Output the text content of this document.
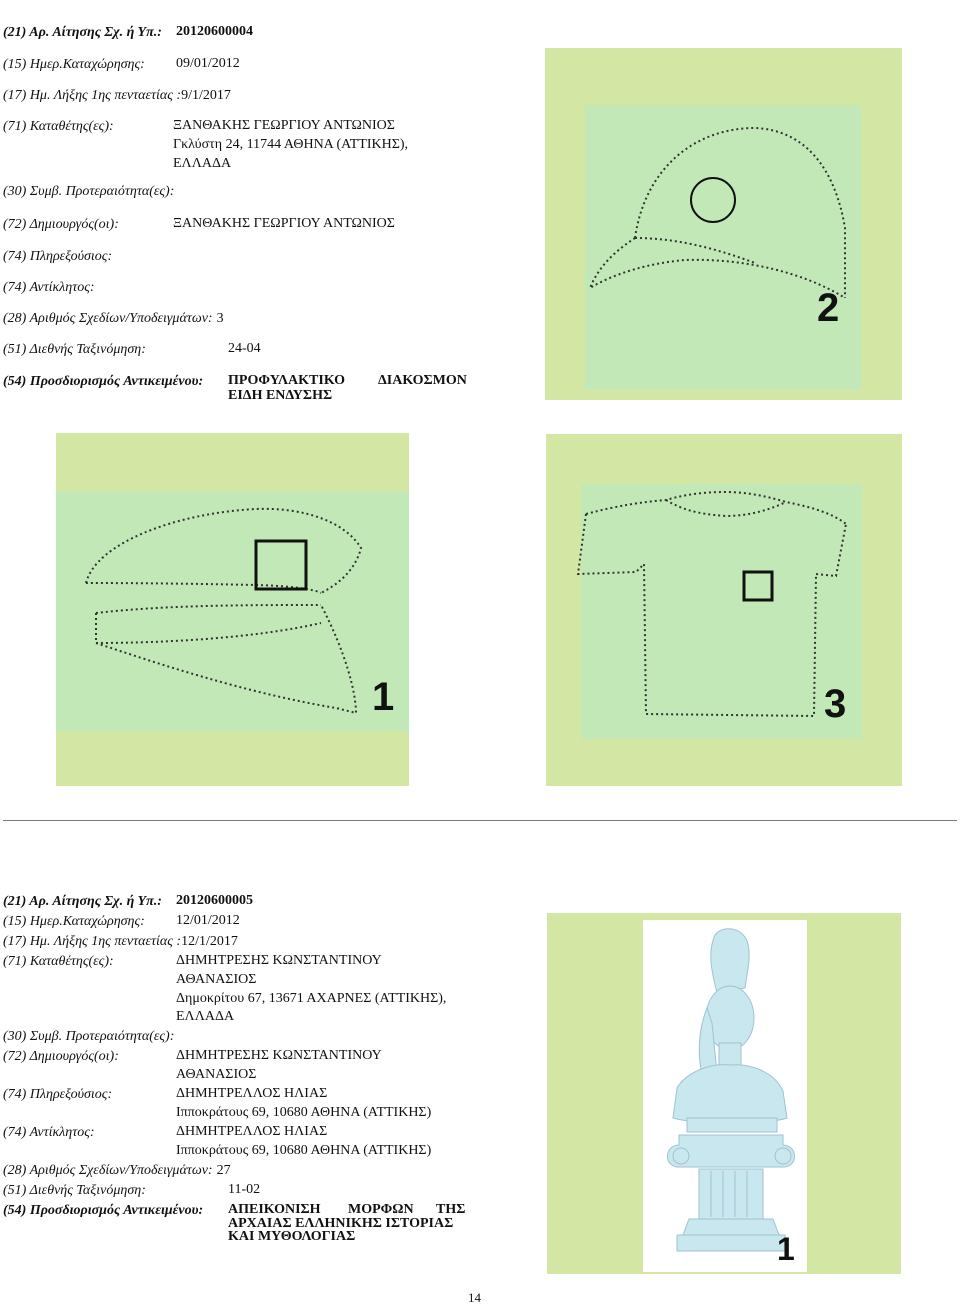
(21) Αρ. Αίτησης Σχ. ή Υπ.: 20120600004
(15) Ημερ.Καταχώρησης: 09/01/2012
(17) Ημ. Λήξης 1ης πενταετίας :9/1/2017
(71) Καταθέτης(ες):	ΞΑΝΘΑΚΗΣ ΓΕΩΡΓΙΟΥ ΑΝΤΩΝΙΟΣ
Γκλύστη 24, 11744 ΑΘΗΝΑ (ΑΤΤΙΚΗΣ),
ΕΛΛΑΔΑ
(30) Συμβ. Προτεραιότητα(ες):
(72) Δημιουργός(οι):	ΞΑΝΘΑΚΗΣ ΓΕΩΡΓΙΟΥ ΑΝΤΩΝΙΟΣ
(74) Πληρεξούσιος:
(74) Αντίκλητος:
(28) Αριθμός Σχεδίων/Υποδειγμάτων: 3
(51) Διεθνής Ταξινόμηση:	24-04
(54) Προσδιορισμός Αντικειμένου: ΠΡΟΦΥΛΑΚΤΙΚΟ ΔΙΑΚΟΣΜΟΝ
ΕΙΔΗ ΕΝΔΥΣΗΣ
2
1	3
(21) Αρ. Αίτησης Σχ. ή Υπ.: 20120600005
(15) Ημερ.Καταχώρησης: 12/01/2012
(17) Ημ. Λήξης 1ης πενταετίας :12/1/2017
(71) Καταθέτης(ες):	ΔΗΜΗΤΡΕΣΗΣ ΚΩΝΣΤΑΝΤΙΝΟΥ
ΑΘΑΝΑΣΙΟΣ
Δημοκρίτου 67, 13671 ΑΧΑΡΝΕΣ (ΑΤΤΙΚΗΣ),
ΕΛΛΑΔΑ
(30) Συμβ. Προτεραιότητα(ες):
(72) Δημιουργός(οι):	ΔΗΜΗΤΡΕΣΗΣ ΚΩΝΣΤΑΝΤΙΝΟΥ
ΑΘΑΝΑΣΙΟΣ
(74) Πληρεξούσιος:	ΔΗΜΗΤΡΕΛΛΟΣ ΗΛΙΑΣ
Ιπποκράτους 69, 10680 ΑΘΗΝΑ (ΑΤΤΙΚΗΣ)
(74) Αντίκλητος:	ΔΗΜΗΤΡΕΛΛΟΣ ΗΛΙΑΣ
Ιπποκράτους 69, 10680 ΑΘΗΝΑ (ΑΤΤΙΚΗΣ)
(28) Αριθμός Σχεδίων/Υποδειγμάτων: 27
(51) Διεθνής Ταξινόμηση:	11-02
(54) Προσδιορισμός Αντικειμένου: ΑΠΕΙΚΟΝΙΣΗ ΜΟΡΦΩΝ ΤΗΣ
ΑΡΧΑΙΑΣ ΕΛΛΗΝΙΚΗΣ ΙΣΤΟΡΙΑΣ
ΚΑΙ ΜΥΘΟΛΟΓΙΑΣ	1
14
